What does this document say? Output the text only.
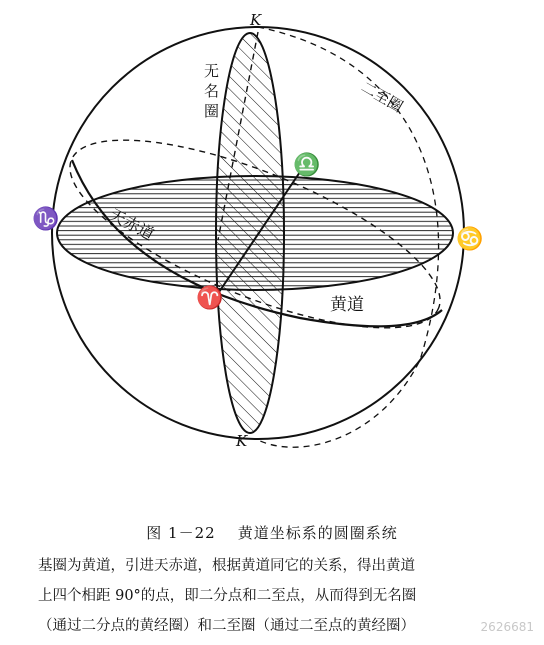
K
K
无名圈	二至圈
天赤道
黄道
♎
♋
♑
♈
图 1－22 黄道坐标系的圆圈系统
基圈为黄道，引进天赤道，根据黄道同它的关系，得出黄道
上四个相距 90°的点，即二分点和二至点，从而得到无名圈
（通过二分点的黄经圈）和二至圈（通过二至点的黄经圈）	2626681
